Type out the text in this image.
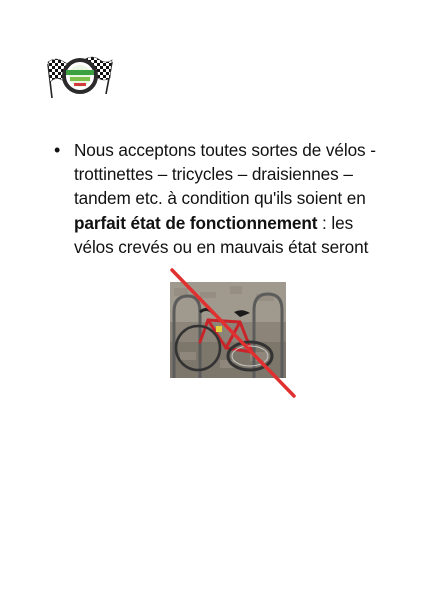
• Nous acceptons toutes sortes de vélos -
trottinettes – tricycles – draisiennes –
tandem etc. à condition qu'ils soient en
parfait état de fonctionnement : les
vélos crevés ou en mauvais état seront
